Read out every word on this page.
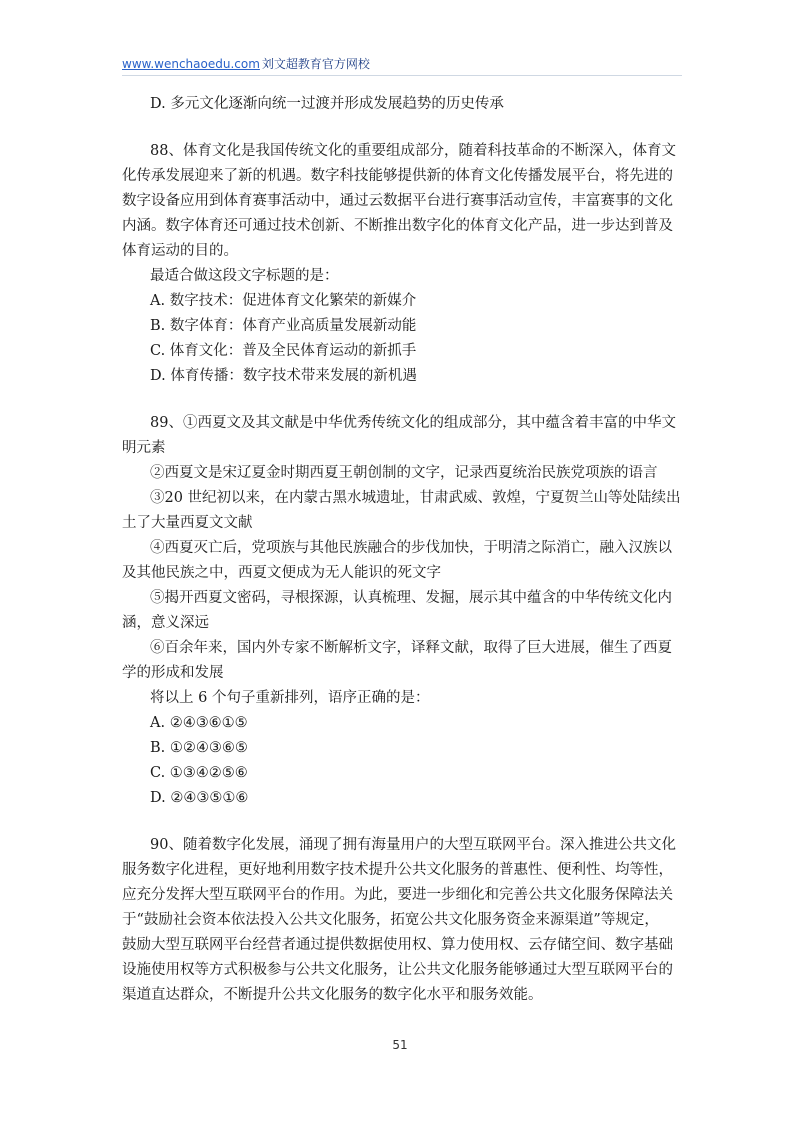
www.wenchaoedu.com 刘文超教育官方网校
D. 多元文化逐渐向统一过渡并形成发展趋势的历史传承
88、体育文化是我国传统文化的重要组成部分，随着科技革命的不断深入，体育文
化传承发展迎来了新的机遇。数字科技能够提供新的体育文化传播发展平台，将先进的
数字设备应用到体育赛事活动中，通过云数据平台进行赛事活动宣传，丰富赛事的文化
内涵。数字体育还可通过技术创新、不断推出数字化的体育文化产品，进一步达到普及
体育运动的目的。
最适合做这段文字标题的是：
A. 数字技术：促进体育文化繁荣的新媒介
B. 数字体育：体育产业高质量发展新动能
C. 体育文化：普及全民体育运动的新抓手
D. 体育传播：数字技术带来发展的新机遇
89、①西夏文及其文献是中华优秀传统文化的组成部分，其中蕴含着丰富的中华文
明元素
②西夏文是宋辽夏金时期西夏王朝创制的文字，记录西夏统治民族党项族的语言
③20 世纪初以来，在内蒙古黑水城遗址，甘肃武威、敦煌，宁夏贺兰山等处陆续出
土了大量西夏文文献
④西夏灭亡后，党项族与其他民族融合的步伐加快，于明清之际消亡，融入汉族以
及其他民族之中，西夏文便成为无人能识的死文字
⑤揭开西夏文密码，寻根探源，认真梳理、发掘，展示其中蕴含的中华传统文化内
涵，意义深远
⑥百余年来，国内外专家不断解析文字，译释文献，取得了巨大进展，催生了西夏
学的形成和发展
将以上 6 个句子重新排列，语序正确的是：
A. ②④③⑥①⑤
B. ①②④③⑥⑤
C. ①③④②⑤⑥
D. ②④③⑤①⑥
90、随着数字化发展，涌现了拥有海量用户的大型互联网平台。深入推进公共文化
服务数字化进程，更好地利用数字技术提升公共文化服务的普惠性、便利性、均等性，
应充分发挥大型互联网平台的作用。为此，要进一步细化和完善公共文化服务保障法关
于“鼓励社会资本依法投入公共文化服务，拓宽公共文化服务资金来源渠道”等规定，
鼓励大型互联网平台经营者通过提供数据使用权、算力使用权、云存储空间、数字基础
设施使用权等方式积极参与公共文化服务，让公共文化服务能够通过大型互联网平台的
渠道直达群众，不断提升公共文化服务的数字化水平和服务效能。
51
